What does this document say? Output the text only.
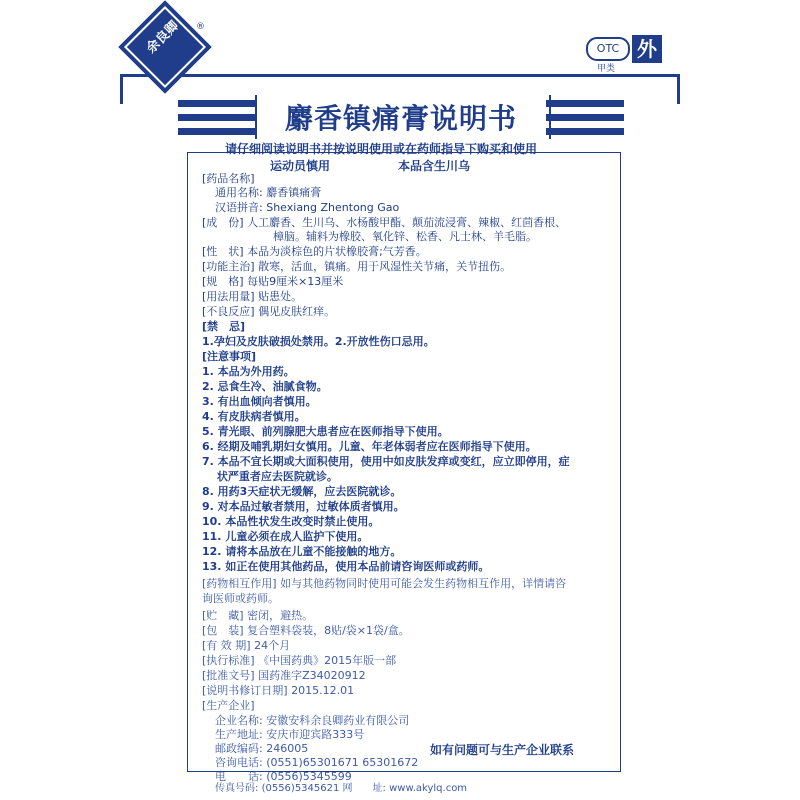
余良卿	®
OTC
甲类
外
麝香镇痛膏说明书
请仔细阅读说明书并按说明使用或在药师指导下购买和使用
运动员慎用	本品含生川乌
[药品名称]
通用名称: 麝香镇痛膏
汉语拼音: Shexiang Zhentong Gao
[成　份] 人工麝香、生川乌、水杨酸甲酯、颠茄流浸膏、辣椒、红茴香根、
樟脑。辅料为橡胶、氧化锌、松香、凡士林、羊毛脂。
[性　状] 本品为淡棕色的片状橡胶膏;气芳香。
[功能主治] 散寒，活血，镇痛。用于风湿性关节痛，关节扭伤。
[规　格] 每贴9厘米×13厘米
[用法用量] 贴患处。
[不良反应] 偶见皮肤红痒。
[禁　忌]
1.孕妇及皮肤破损处禁用。2.开放性伤口忌用。
[注意事项]
1. 本品为外用药。
2. 忌食生冷、油腻食物。
3. 有出血倾向者慎用。
4. 有皮肤病者慎用。
5. 青光眼、前列腺肥大患者应在医师指导下使用。
6. 经期及哺乳期妇女慎用。儿童、年老体弱者应在医师指导下使用。
7. 本品不宜长期或大面积使用，使用中如皮肤发痒或变红，应立即停用，症
　 状严重者应去医院就诊。
8. 用药3天症状无缓解，应去医院就诊。
9. 对本品过敏者禁用，过敏体质者慎用。
10. 本品性状发生改变时禁止使用。
11. 儿童必须在成人监护下使用。
12. 请将本品放在儿童不能接触的地方。
13. 如正在使用其他药品，使用本品前请咨询医师或药师。
[药物相互作用] 如与其他药物同时使用可能会发生药物相互作用，详情请咨
询医师或药师。
[贮　藏] 密闭，避热。
[包　装] 复合塑料袋装，8贴/袋×1袋/盒。
[有 效 期] 24个月
[执行标准] 《中国药典》2015年版一部
[批准文号] 国药准字Z34020912
[说明书修订日期] 2015.12.01
[生产企业]
企业名称: 安徽安科余良卿药业有限公司
生产地址: 安庆市迎宾路333号
邮政编码: 246005
咨询电话: (0551)65301671 65301672
电　　话: (0556)5345599
传真号码: (0556)5345621 网　　址: www.akylq.com
如有问题可与生产企业联系
